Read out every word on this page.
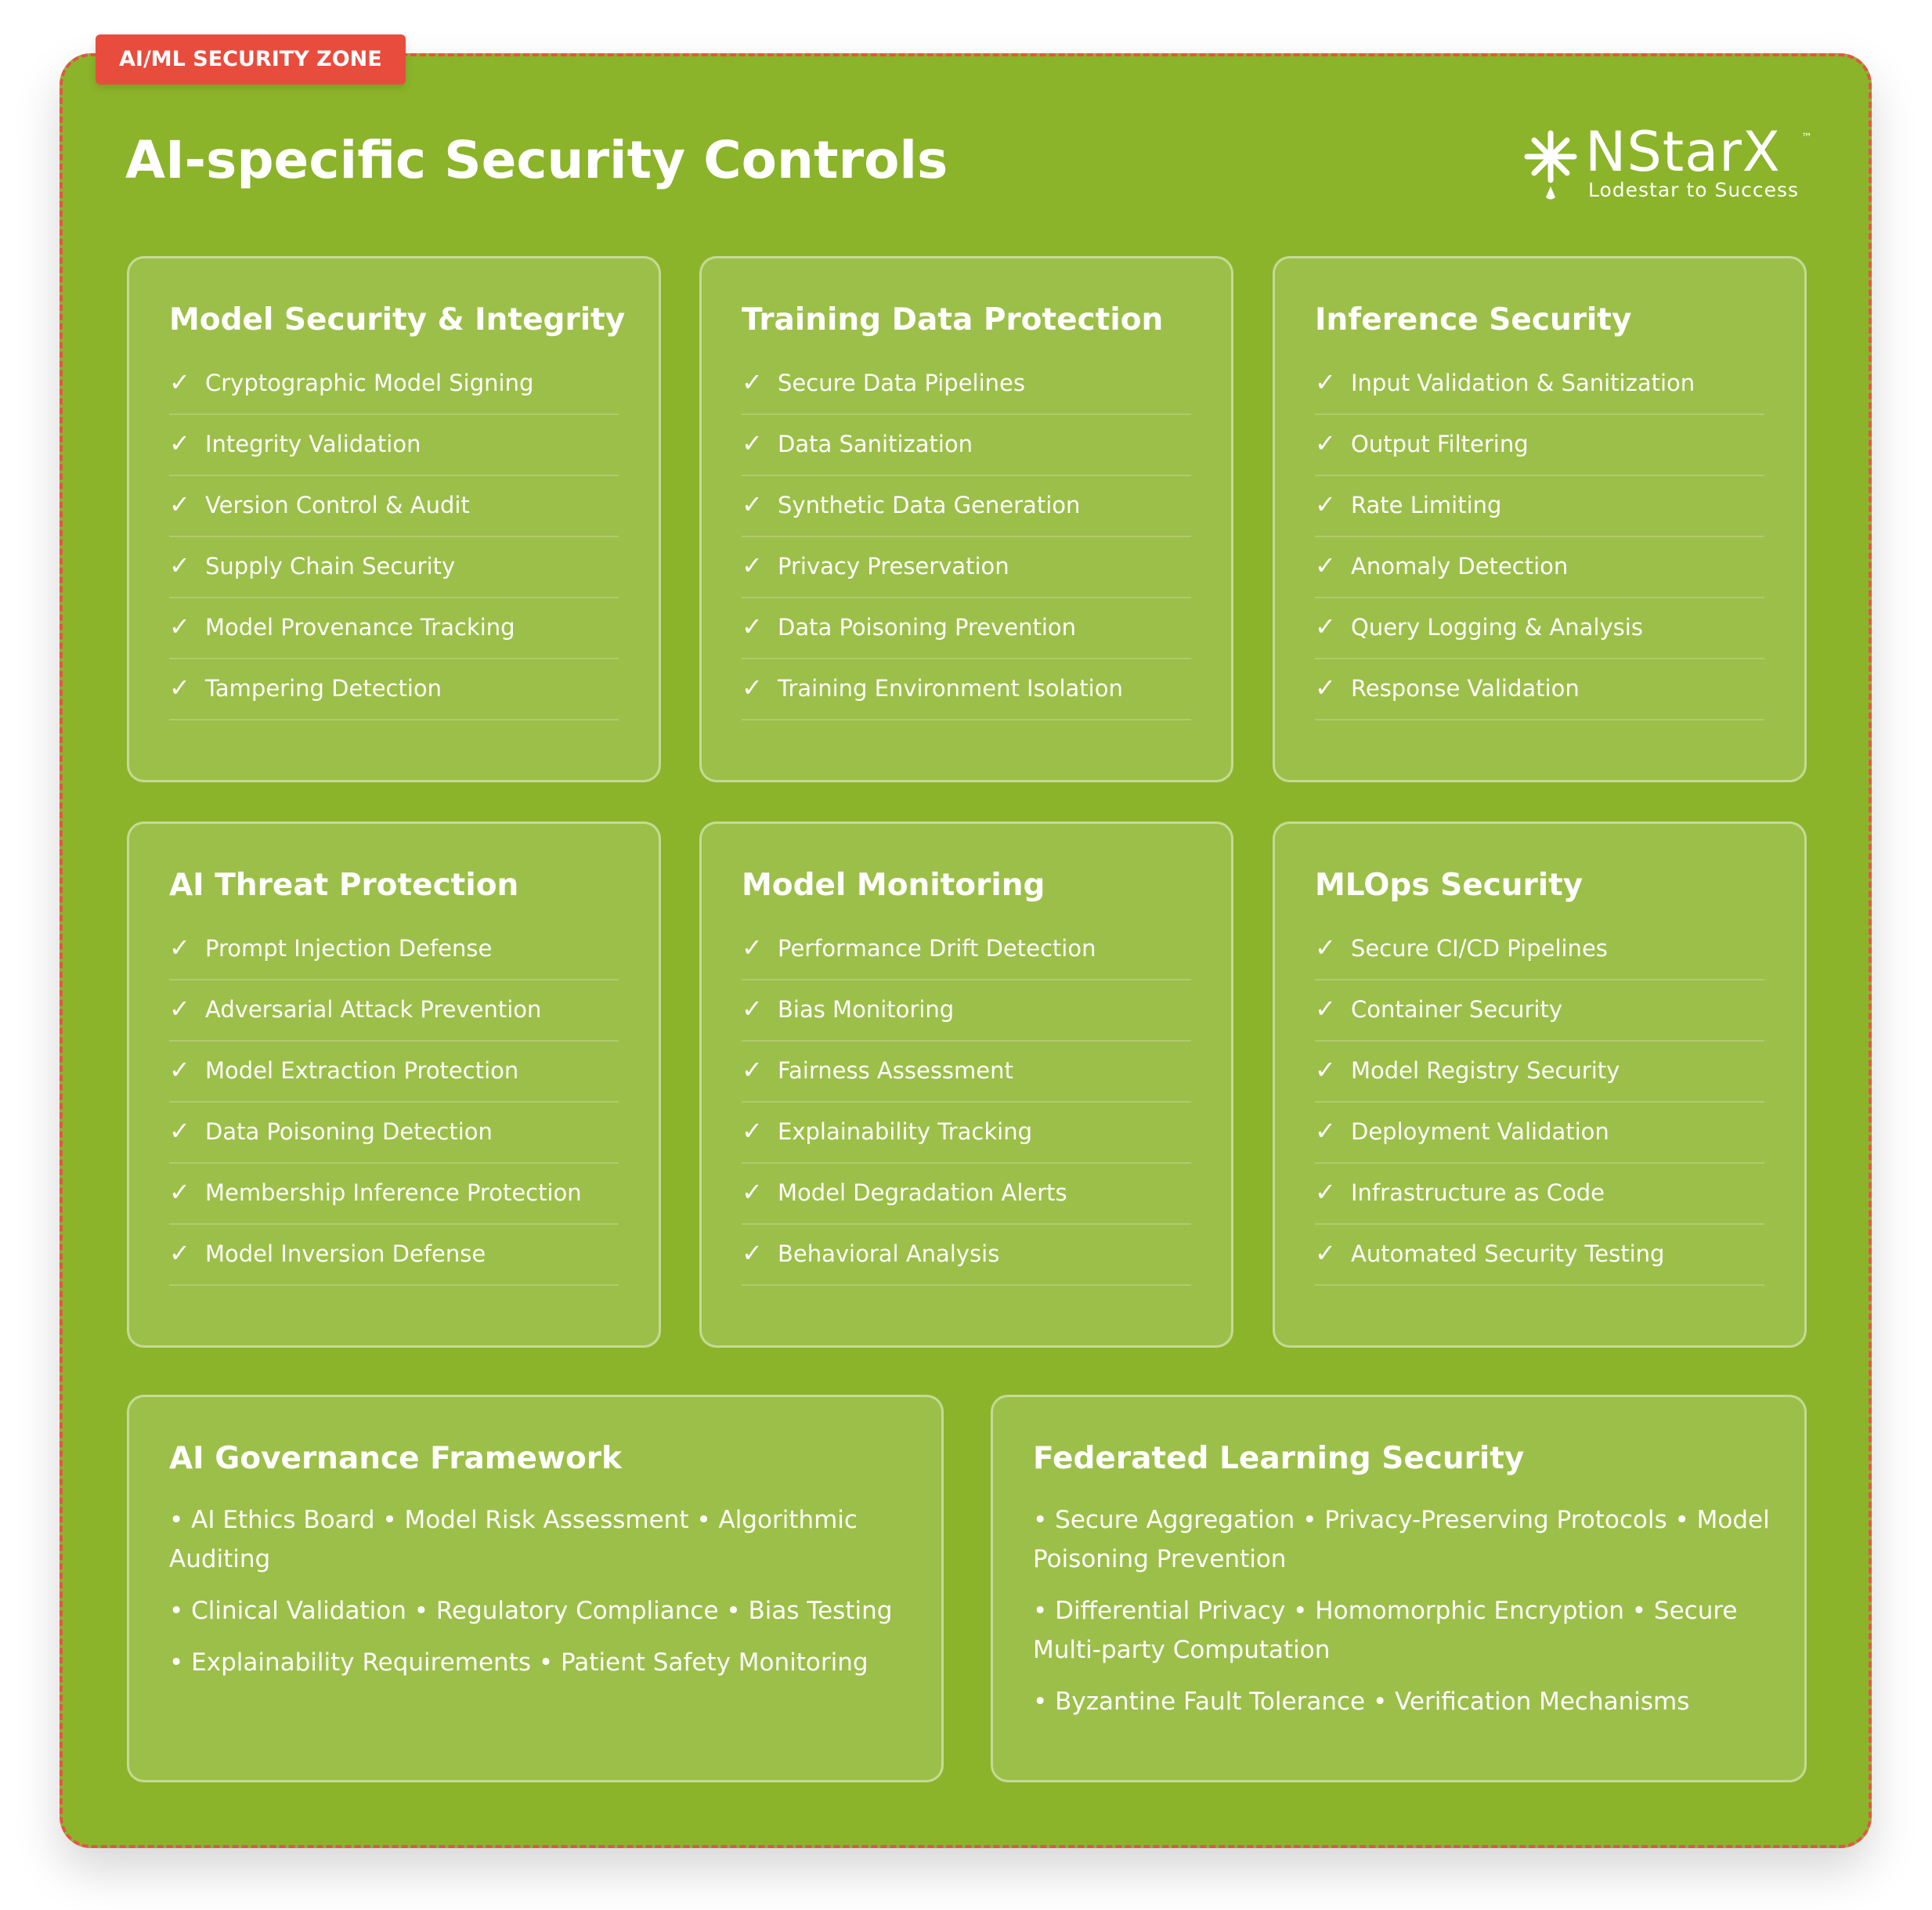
AI/ML SECURITY ZONE
AI-specific Security Controls	NStarX ™
Lodestar to Success
Model Security & Integrity
✓ Cryptographic Model Signing
✓ Integrity Validation
✓ Version Control & Audit
✓ Supply Chain Security
✓ Model Provenance Tracking
✓ Tampering Detection
Training Data Protection
✓ Secure Data Pipelines
✓ Data Sanitization
✓ Synthetic Data Generation
✓ Privacy Preservation
✓ Data Poisoning Prevention
✓ Training Environment Isolation
Inference Security
✓ Input Validation & Sanitization
✓ Output Filtering
✓ Rate Limiting
✓ Anomaly Detection
✓ Query Logging & Analysis
✓ Response Validation
AI Threat Protection
✓ Prompt Injection Defense
✓ Adversarial Attack Prevention
✓ Model Extraction Protection
✓ Data Poisoning Detection
✓ Membership Inference Protection
✓ Model Inversion Defense
Model Monitoring
✓ Performance Drift Detection
✓ Bias Monitoring
✓ Fairness Assessment
✓ Explainability Tracking
✓ Model Degradation Alerts
✓ Behavioral Analysis
MLOps Security
✓ Secure CI/CD Pipelines
✓ Container Security
✓ Model Registry Security
✓ Deployment Validation
✓ Infrastructure as Code
✓ Automated Security Testing
AI Governance Framework

• AI Ethics Board • Model Risk Assessment • Algorithmic Auditing

• Clinical Validation • Regulatory Compliance • Bias Testing

• Explainability Requirements • Patient Safety Monitoring

Federated Learning Security

• Secure Aggregation • Privacy-Preserving Protocols • Model Poisoning Prevention

• Differential Privacy • Homomorphic Encryption • Secure Multi-party Computation

• Byzantine Fault Tolerance • Verification Mechanisms
